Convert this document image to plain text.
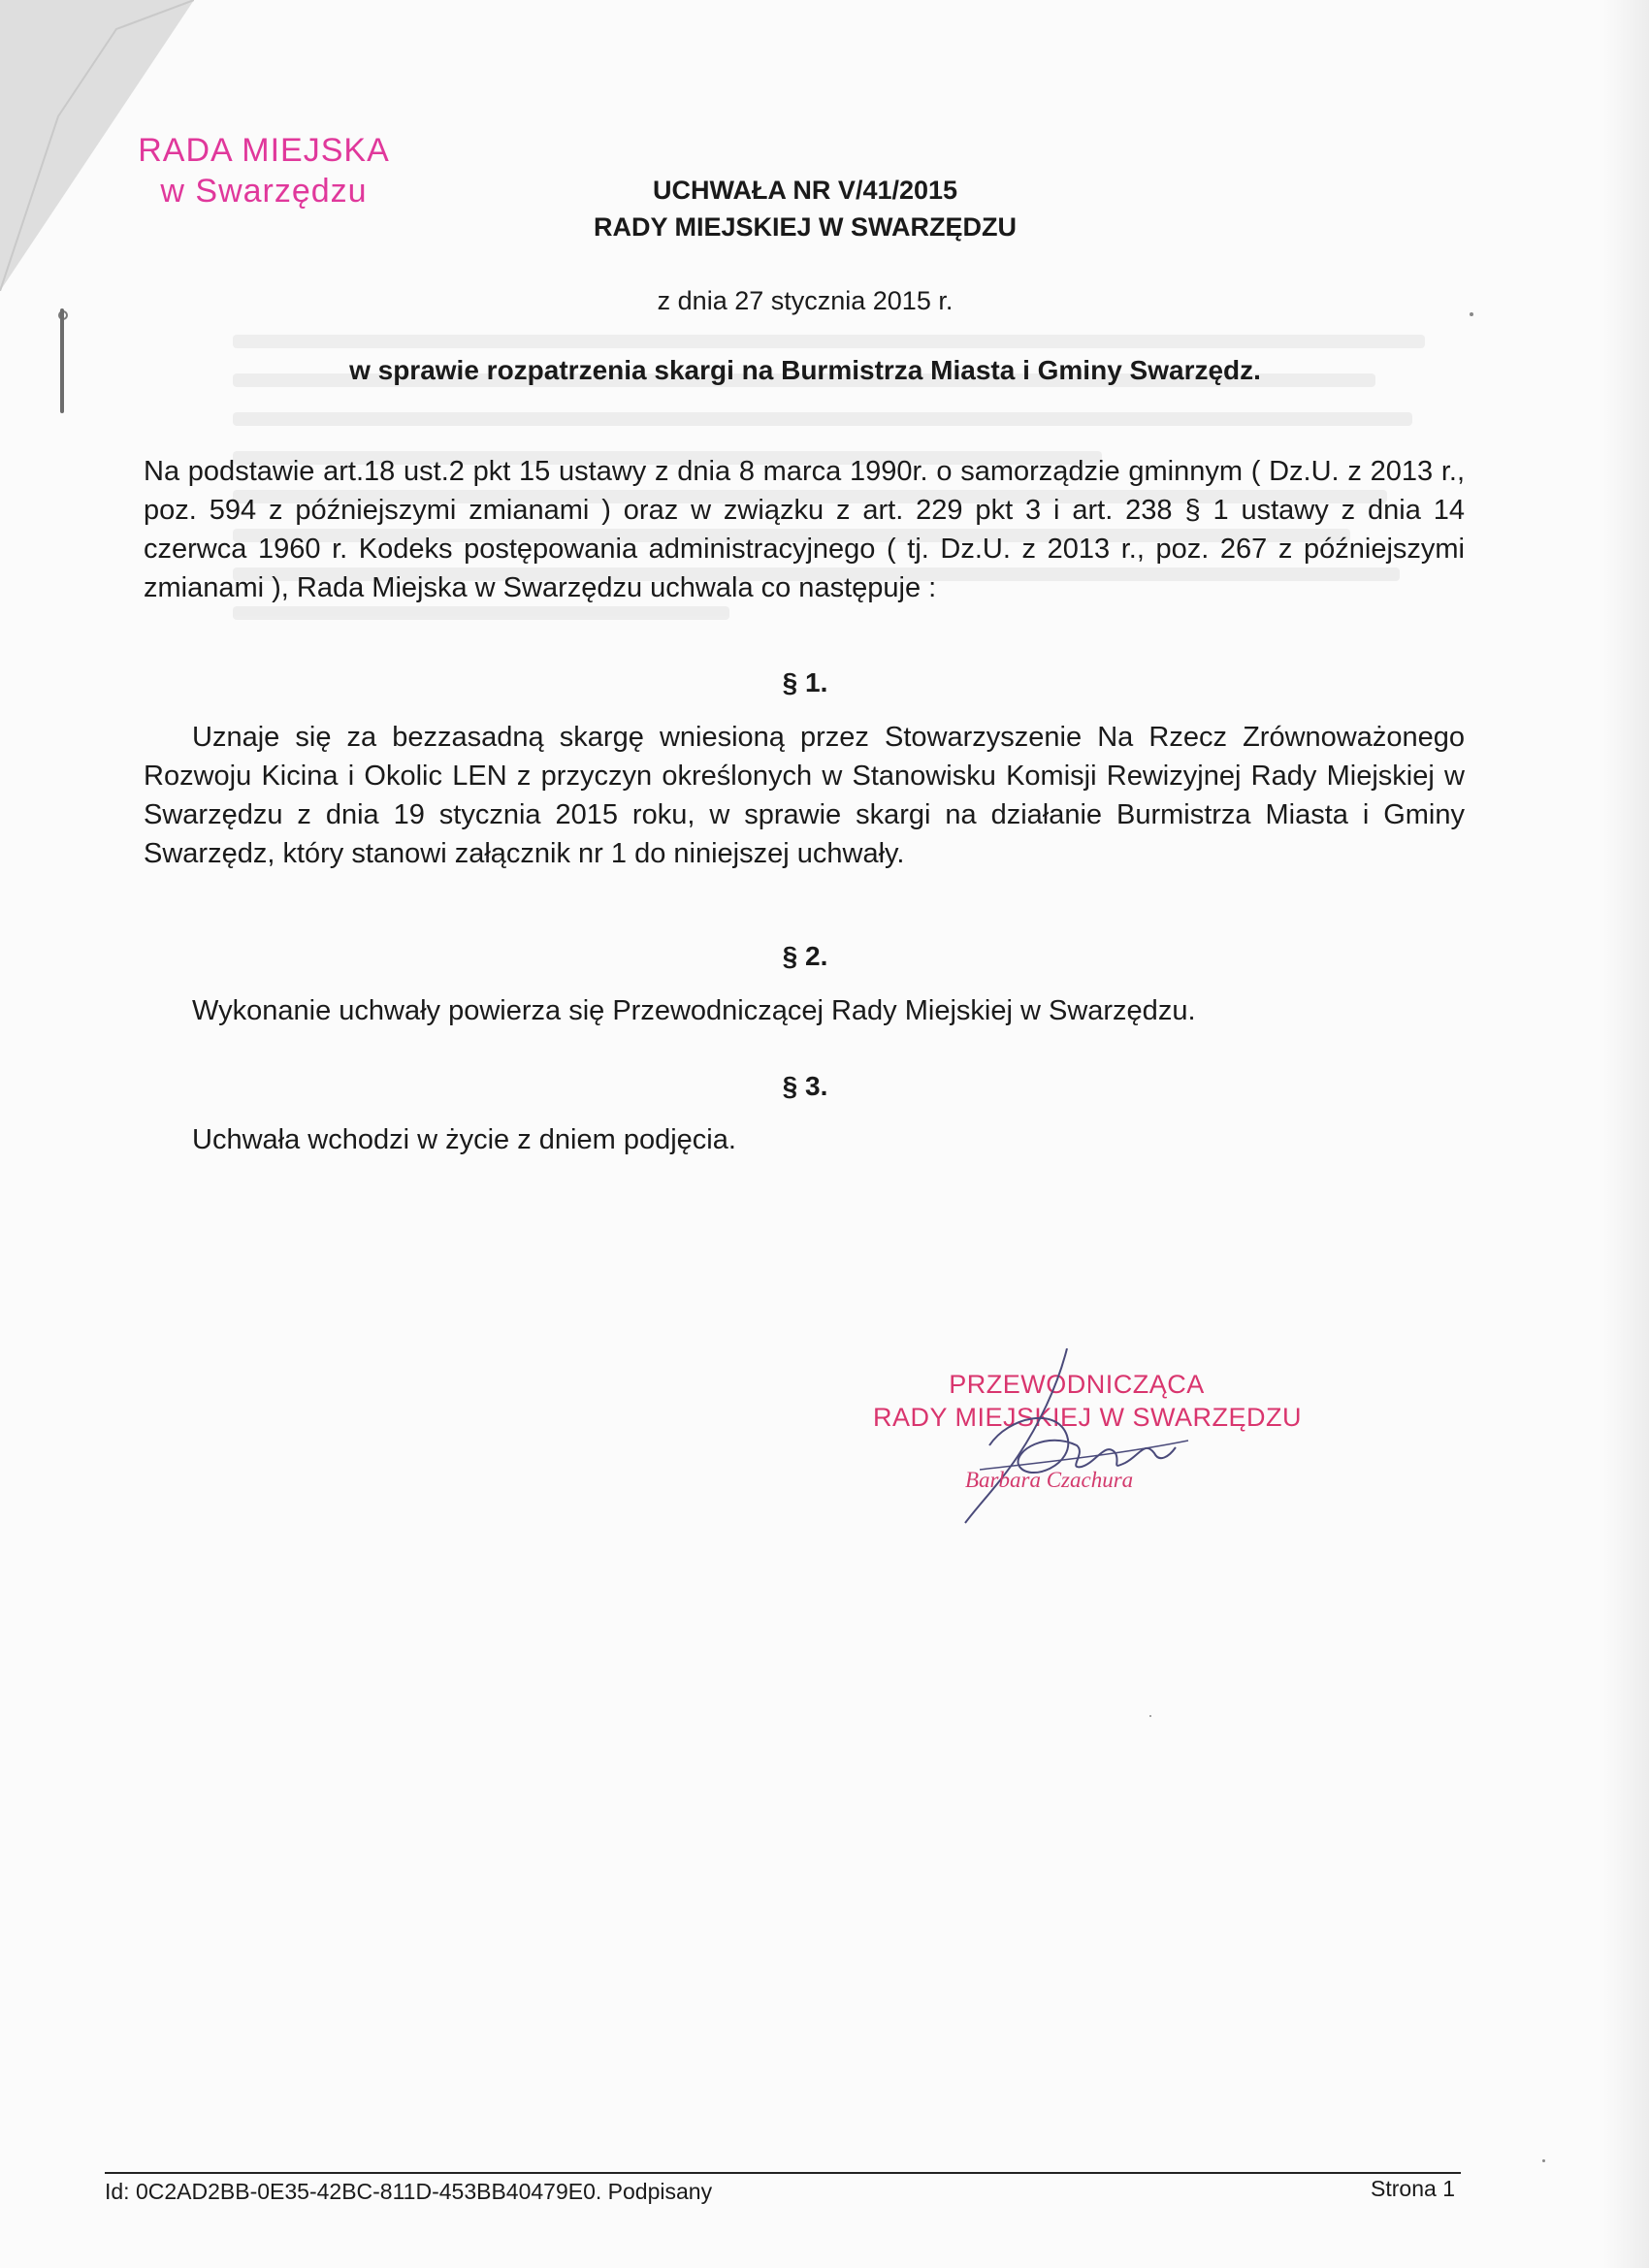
RADA MIEJSKA
w Swarzędzu	UCHWAŁA NR V/41/2015
RADY MIEJSKIEJ W SWARZĘDZU
z dnia 27 stycznia 2015 r.
w sprawie rozpatrzenia skargi na Burmistrza Miasta i Gminy Swarzędz.
Na podstawie art.18 ust.2 pkt 15 ustawy z dnia 8 marca 1990r. o samorządzie gminnym ( Dz.U. z 2013 r., poz. 594 z późniejszymi zmianami ) oraz w związku z art. 229 pkt 3 i art. 238 § 1 ustawy z dnia 14 czerwca 1960 r. Kodeks postępowania administracyjnego ( tj. Dz.U. z 2013 r., poz. 267 z późniejszymi zmianami ), Rada Miejska w Swarzędzu uchwala co następuje :
§ 1.
Uznaje się za bezzasadną skargę wniesioną przez Stowarzyszenie Na Rzecz Zrównoważonego Rozwoju Kicina i Okolic LEN z przyczyn określonych w Stanowisku Komisji Rewizyjnej Rady Miejskiej w Swarzędzu z dnia 19 stycznia 2015 roku, w sprawie skargi na działanie Burmistrza Miasta i Gminy Swarzędz, który stanowi załącznik nr 1 do niniejszej uchwały.
§ 2.
Wykonanie uchwały powierza się Przewodniczącej Rady Miejskiej w Swarzędzu.
§ 3.
Uchwała wchodzi w życie z dniem podjęcia.
PRZEWODNICZĄCA
RADY MIEJSKIEJ W SWARZĘDZU
Barbara Czachura
Id: 0C2AD2BB-0E35-42BC-811D-453BB40479E0. Podpisany	Strona 1
